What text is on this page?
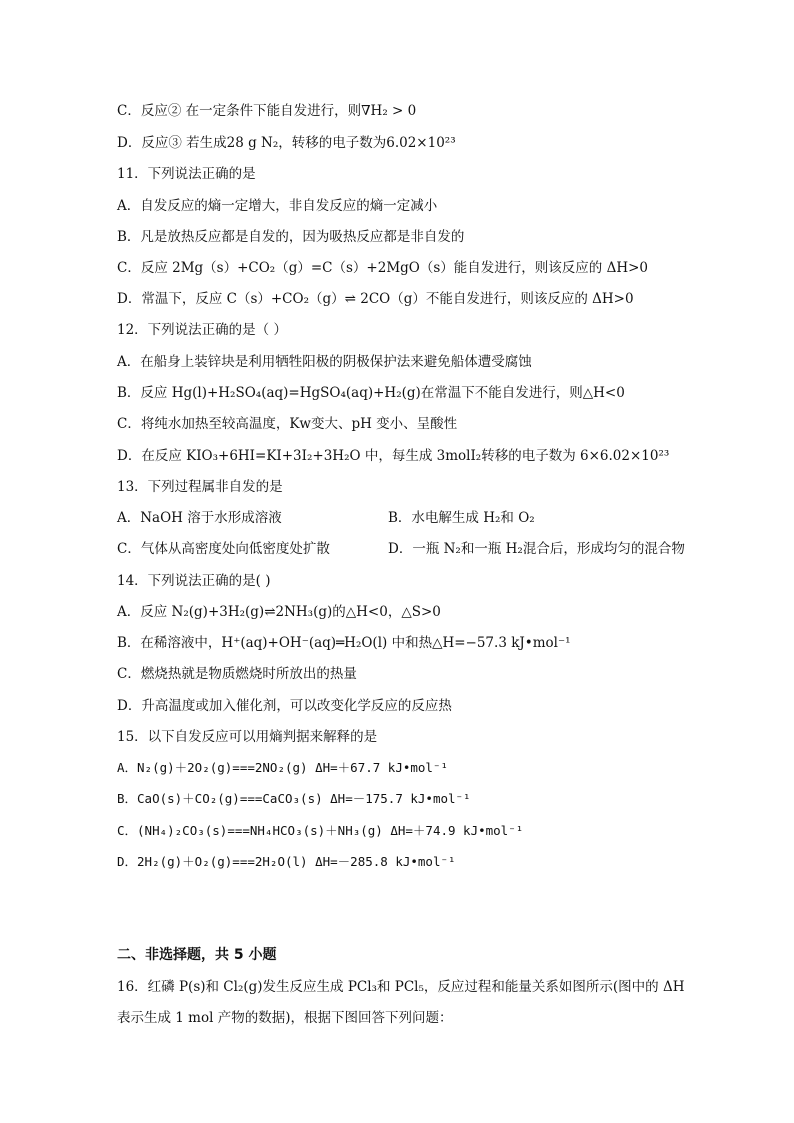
C．反应② 在一定条件下能自发进行，则∇H₂ > 0
D．反应③ 若生成28 g N₂，转移的电子数为6.02×10²³
11．下列说法正确的是
A．自发反应的熵一定增大，非自发反应的熵一定减小
B．凡是放热反应都是自发的，因为吸热反应都是非自发的
C．反应 2Mg（s）+CO₂（g）=C（s）+2MgO（s）能自发进行，则该反应的 ΔH>0
D．常温下，反应 C（s）+CO₂（g）⇌ 2CO（g）不能自发进行，则该反应的 ΔH>0
12．下列说法正确的是（ ）
A．在船身上装锌块是利用牺牲阳极的阴极保护法来避免船体遭受腐蚀
B．反应 Hg(l)+H₂SO₄(aq)=HgSO₄(aq)+H₂(g)在常温下不能自发进行，则△H<0
C．将纯水加热至较高温度，Kw变大、pH 变小、呈酸性
D．在反应 KIO₃+6HI=KI+3I₂+3H₂O 中，每生成 3molI₂转移的电子数为 6×6.02×10²³
13．下列过程属非自发的是
A．NaOH 溶于水形成溶液	B．水电解生成 H₂和 O₂
C．气体从高密度处向低密度处扩散	D．一瓶 N₂和一瓶 H₂混合后，形成均匀的混合物
14．下列说法正确的是( )
A．反应 N₂(g)+3H₂(g)⇌2NH₃(g)的△H<0，△S>0
B．在稀溶液中，H⁺(aq)+OH⁻(aq)═H₂O(l) 中和热△H=−57.3 kJ•mol⁻¹
C．燃烧热就是物质燃烧时所放出的热量
D．升高温度或加入催化剂，可以改变化学反应的反应热
15．以下自发反应可以用熵判据来解释的是
A．N₂(g)＋2O₂(g)===2NO₂(g) ΔH=＋67.7 kJ•mol⁻¹
B．CaO(s)＋CO₂(g)===CaCO₃(s) ΔH=－175.7 kJ•mol⁻¹
C．(NH₄)₂CO₃(s)===NH₄HCO₃(s)＋NH₃(g) ΔH=＋74.9 kJ•mol⁻¹
D．2H₂(g)＋O₂(g)===2H₂O(l) ΔH=－285.8 kJ•mol⁻¹
二、非选择题，共 5 小题
16．红磷 P(s)和 Cl₂(g)发生反应生成 PCl₃和 PCl₅，反应过程和能量关系如图所示(图中的 ΔH
表示生成 1 mol 产物的数据)，根据下图回答下列问题：
